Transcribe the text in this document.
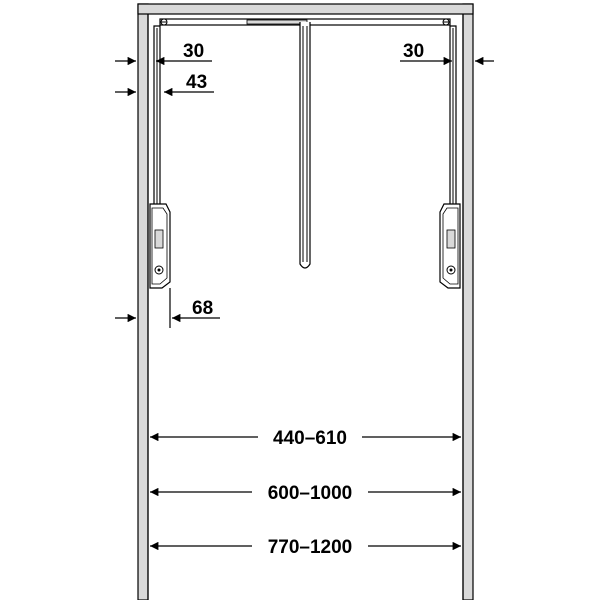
30
43
68
30
440–610
600–1000
770–1200
